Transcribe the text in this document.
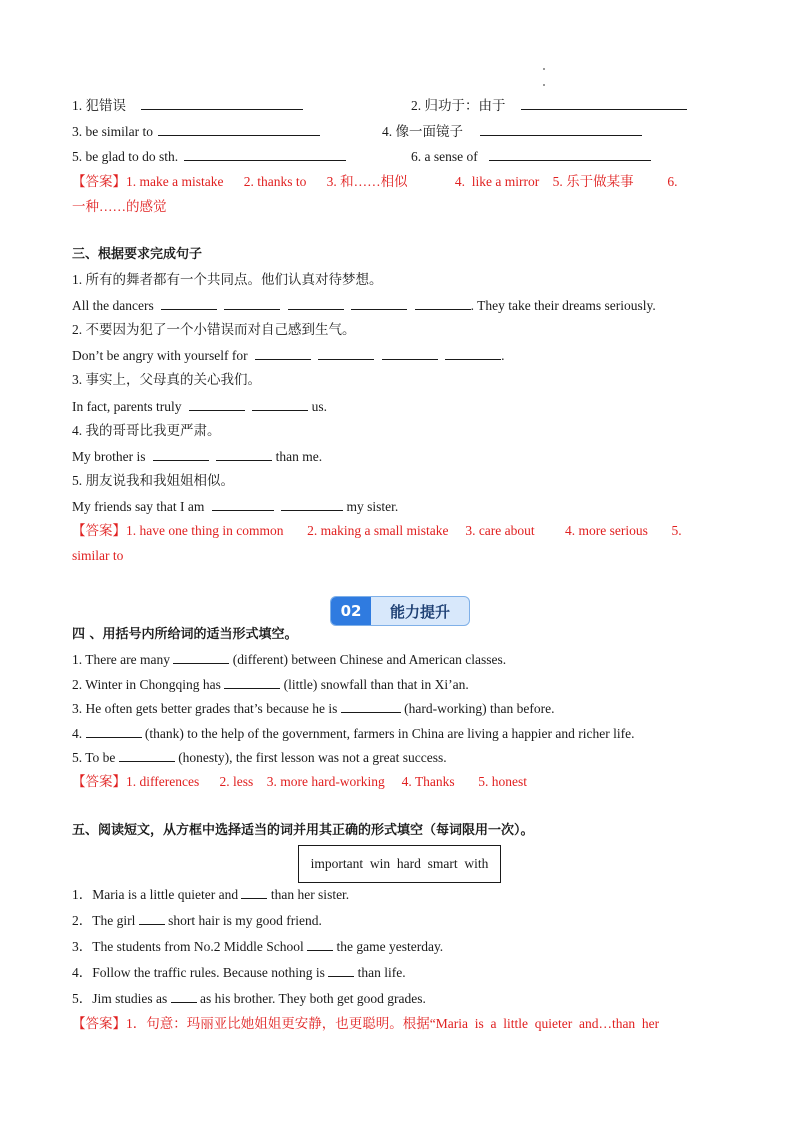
1. 犯错误	2. 归功于：由于
3. be similar to	4. 像一面镜子
5. be glad to do sth.	6. a sense of
【答案】1. make a mistake      2. thanks to      3. 和……相似              4.  like a mirror    5. 乐于做某事          6.
一种……的感觉
三、根据要求完成句子
1. 所有的舞者都有一个共同点。他们认真对待梦想。
All the dancers	. They take their dreams seriously.
2. 不要因为犯了一个小错误而对自己感到生气。
Don’t be angry with yourself for	.
3. 事实上，父母真的关心我们。
In fact, parents truly	us.
4. 我的哥哥比我更严肃。
My brother is	than me.
5. 朋友说我和我姐姐相似。
My friends say that I am	my sister.
【答案】1. have one thing in common       2. making a small mistake     3. care about         4. more serious       5.
similar to
02	能力提升
四 、用括号内所给词的适当形式填空。
1. There are many	(different) between Chinese and American classes.
2. Winter in Chongqing has	(little) snowfall than that in Xi’an.
3. He often gets better grades that’s because he is	(hard-working) than before.
4.	(thank) to the help of the government, farmers in China are living a happier and richer life.
5. To be	(honesty), the first lesson was not a great success.
【答案】1. differences      2. less    3. more hard-working     4. Thanks       5. honest
五、阅读短文，从方框中选择适当的词并用其正确的形式填空（每词限用一次）。
important  win  hard  smart  with
1．Maria is a little quieter and than her sister.
2．The girl short hair is my good friend.
3．The students from No.2 Middle School the game yesterday.
4．Follow the traffic rules. Because nothing is than life.
5．Jim studies as as his brother. They both get good grades.
【答案】1．句意：玛丽亚比她姐姐更安静，也更聪明。根据“Maria  is  a  little  quieter  and…than  her
